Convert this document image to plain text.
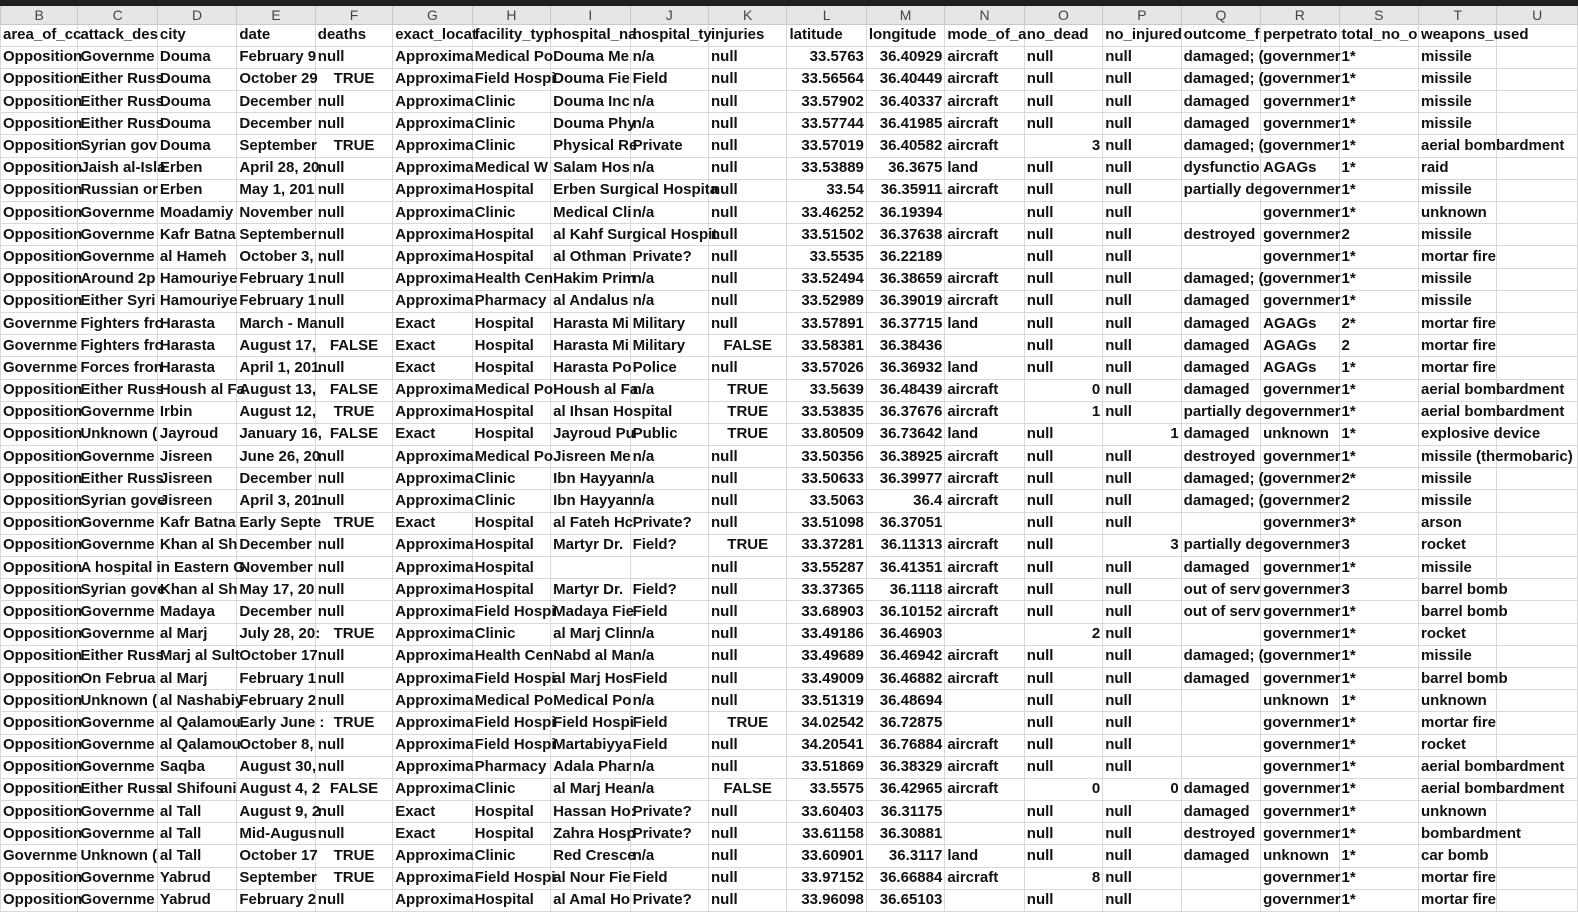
B	C	D	E	F	G	H	I	J	K	L	M	N	O	P	Q	R	S	T	U
area_of_cc	attack_des	city	date	deaths	exact_locat	facility_typ	hospital_na	hospital_ty	injuries	latitude	longitude	mode_of_a	no_dead	no_injured	outcome_f	perpetrato	total_no_o	weapons_used	
Opposition	Governme	Douma	February 9	null	Approxima	Medical Po	Douma Me	n/a	null	33.5763	36.40929	aircraft	null	null	damaged; (	governmer	1*	missile	
Opposition	Either Russ	Douma	October 29	TRUE	Approxima	Field Hospi	Douma Fie	Field	null	33.56564	36.40449	aircraft	null	null	damaged; (	governmer	1*	missile	
Opposition	Either Russ	Douma	December	null	Approxima	Clinic	Douma Inc	n/a	null	33.57902	36.40337	aircraft	null	null	damaged	governmer	1*	missile	
Opposition	Either Russ	Douma	December	null	Approxima	Clinic	Douma Phy	n/a	null	33.57744	36.41985	aircraft	null	null	damaged	governmer	1*	missile	
Opposition	Syrian gov	Douma	September	TRUE	Approxima	Clinic	Physical Re	Private	null	33.57019	36.40582	aircraft	3	null	damaged; (	governmer	1*	aerial bombardment	
Opposition	Jaish al-Isla	Erben	April 28, 20	null	Approxima	Medical W	Salam Hos	n/a	null	33.53889	36.3675	land	null	null	dysfunctio	AGAGs	1*	raid	
Opposition	Russian or	Erben	May 1, 201	null	Approxima	Hospital	Erben Surgical Hospita		null	33.54	36.35911	aircraft	null	null	partially de	governmer	1*	missile	
Opposition	Governme	Moadamiy	November	null	Approxima	Clinic	Medical Cli	n/a	null	33.46252	36.19394		null	null		governmer	1*	unknown	
Opposition	Governme	Kafr Batna	September	null	Approxima	Hospital	al Kahf Surgical Hospit		null	33.51502	36.37638	aircraft	null	null	destroyed	governmer	2	missile	
Opposition	Governme	al Hameh	October 3,	null	Approxima	Hospital	al Othman	Private?	null	33.5535	36.22189		null	null		governmer	1*	mortar fire	
Opposition	Around 2p	Hamouriye	February 1	null	Approxima	Health Cen	Hakim Prim	n/a	null	33.52494	36.38659	aircraft	null	null	damaged; (	governmer	1*	missile	
Opposition	Either Syri	Hamouriye	February 1	null	Approxima	Pharmacy	al Andalus	n/a	null	33.52989	36.39019	aircraft	null	null	damaged	governmer	1*	missile	
Governme	Fighters frc	Harasta	March - Ma	null	Exact	Hospital	Harasta Mi	Military	null	33.57891	36.37715	land	null	null	damaged	AGAGs	2*	mortar fire	
Governme	Fighters frc	Harasta	August 17,	FALSE	Exact	Hospital	Harasta Mi	Military	FALSE	33.58381	36.38436		null	null	damaged	AGAGs	2	mortar fire	
Governme	Forces fron	Harasta	April 1, 201	null	Exact	Hospital	Harasta Po	Police	null	33.57026	36.36932	land	null	null	damaged	AGAGs	1*	mortar fire	
Opposition	Either Russ	Housh al Fa	August 13,	FALSE	Approxima	Medical Po	Housh al Fa	n/a	TRUE	33.5639	36.48439	aircraft	0	null	damaged	governmer	1*	aerial bombardment	
Opposition	Governme	Irbin	August 12,	TRUE	Approxima	Hospital	al Ihsan Hospital		TRUE	33.53835	36.37676	aircraft	1	null	partially de	governmer	1*	aerial bombardment	
Opposition	Unknown (	Jayroud	January 16,	FALSE	Exact	Hospital	Jayroud Pu	Public	TRUE	33.80509	36.73642	land	null	1	damaged	unknown	1*	explosive device	
Opposition	Governme	Jisreen	June 26, 20	null	Approxima	Medical Po	Jisreen Me	n/a	null	33.50356	36.38925	aircraft	null	null	destroyed	governmer	1*	missile (thermobaric)	
Opposition	Either Russ	Jisreen	December	null	Approxima	Clinic	Ibn Hayyan	n/a	null	33.50633	36.39977	aircraft	null	null	damaged; (	governmer	2*	missile	
Opposition	Syrian gove	Jisreen	April 3, 201	null	Approxima	Clinic	Ibn Hayyan	n/a	null	33.5063	36.4	aircraft	null	null	damaged; (	governmer	2	missile	
Opposition	Governme	Kafr Batna	Early Septe	TRUE	Exact	Hospital	al Fateh Hc	Private?	null	33.51098	36.37051		null	null		governmer	3*	arson	
Opposition	Governme	Khan al Sh	December	null	Approxima	Hospital	Martyr Dr.	Field?	TRUE	33.37281	36.11313	aircraft	null	3	partially de	governmer	3	rocket	
Opposition	A hospital in Eastern G		November	null	Approxima	Hospital			null	33.55287	36.41351	aircraft	null	null	damaged	governmer	1*	missile	
Opposition	Syrian gove	Khan al Sh	May 17, 20	null	Approxima	Hospital	Martyr Dr.	Field?	null	33.37365	36.1118	aircraft	null	null	out of serv	governmer	3	barrel bomb	
Opposition	Governme	Madaya	December	null	Approxima	Field Hospi	Madaya Fie	Field	null	33.68903	36.10152	aircraft	null	null	out of serv	governmer	1*	barrel bomb	
Opposition	Governme	al Marj	July 28, 20:	TRUE	Approxima	Clinic	al Marj Clin	n/a	null	33.49186	36.46903		2	null		governmer	1*	rocket	
Opposition	Either Russ	Marj al Sult	October 17	null	Approxima	Health Cen	Nabd al Ma	n/a	null	33.49689	36.46942	aircraft	null	null	damaged; (	governmer	1*	missile	
Opposition	On Februa	al Marj	February 1	null	Approxima	Field Hospi	al Marj Hos	Field	null	33.49009	36.46882	aircraft	null	null	damaged	governmer	1*	barrel bomb	
Opposition	Unknown (	al Nashabiy	February 2	null	Approxima	Medical Po	Medical Po	n/a	null	33.51319	36.48694		null	null		unknown	1*	unknown	
Opposition	Governme	al Qalamou	Early June :	TRUE	Approxima	Field Hospi	Field Hospi	Field	TRUE	34.02542	36.72875		null	null		governmer	1*	mortar fire	
Opposition	Governme	al Qalamou	October 8,	null	Approxima	Field Hospi	Martabiyya	Field	null	34.20541	36.76884	aircraft	null	null		governmer	1*	rocket	
Opposition	Governme	Saqba	August 30,	null	Approxima	Pharmacy	Adala Phar	n/a	null	33.51869	36.38329	aircraft	null	null		governmer	1*	aerial bombardment	
Opposition	Either Russ	al Shifouni	August 4, 2	FALSE	Approxima	Clinic	al Marj Hea	n/a	FALSE	33.5575	36.42965	aircraft	0	0	damaged	governmer	1*	aerial bombardment	
Opposition	Governme	al Tall	August 9, 2	null	Exact	Hospital	Hassan Ho:	Private?	null	33.60403	36.31175		null	null	damaged	governmer	1*	unknown	
Opposition	Governme	al Tall	Mid-Augus	null	Exact	Hospital	Zahra Hosp	Private?	null	33.61158	36.30881		null	null	destroyed	governmer	1*	bombardment	
Governme	Unknown (	al Tall	October 17	TRUE	Approxima	Clinic	Red Cresce	n/a	null	33.60901	36.3117	land	null	null	damaged	unknown	1*	car bomb	
Opposition	Governme	Yabrud	September	TRUE	Approxima	Field Hospi	al Nour Fie	Field	null	33.97152	36.66884	aircraft	8	null		governmer	1*	mortar fire	
Opposition	Governme	Yabrud	February 2	null	Approxima	Hospital	al Amal Ho	Private?	null	33.96098	36.65103		null	null		governmer	1*	mortar fire	
